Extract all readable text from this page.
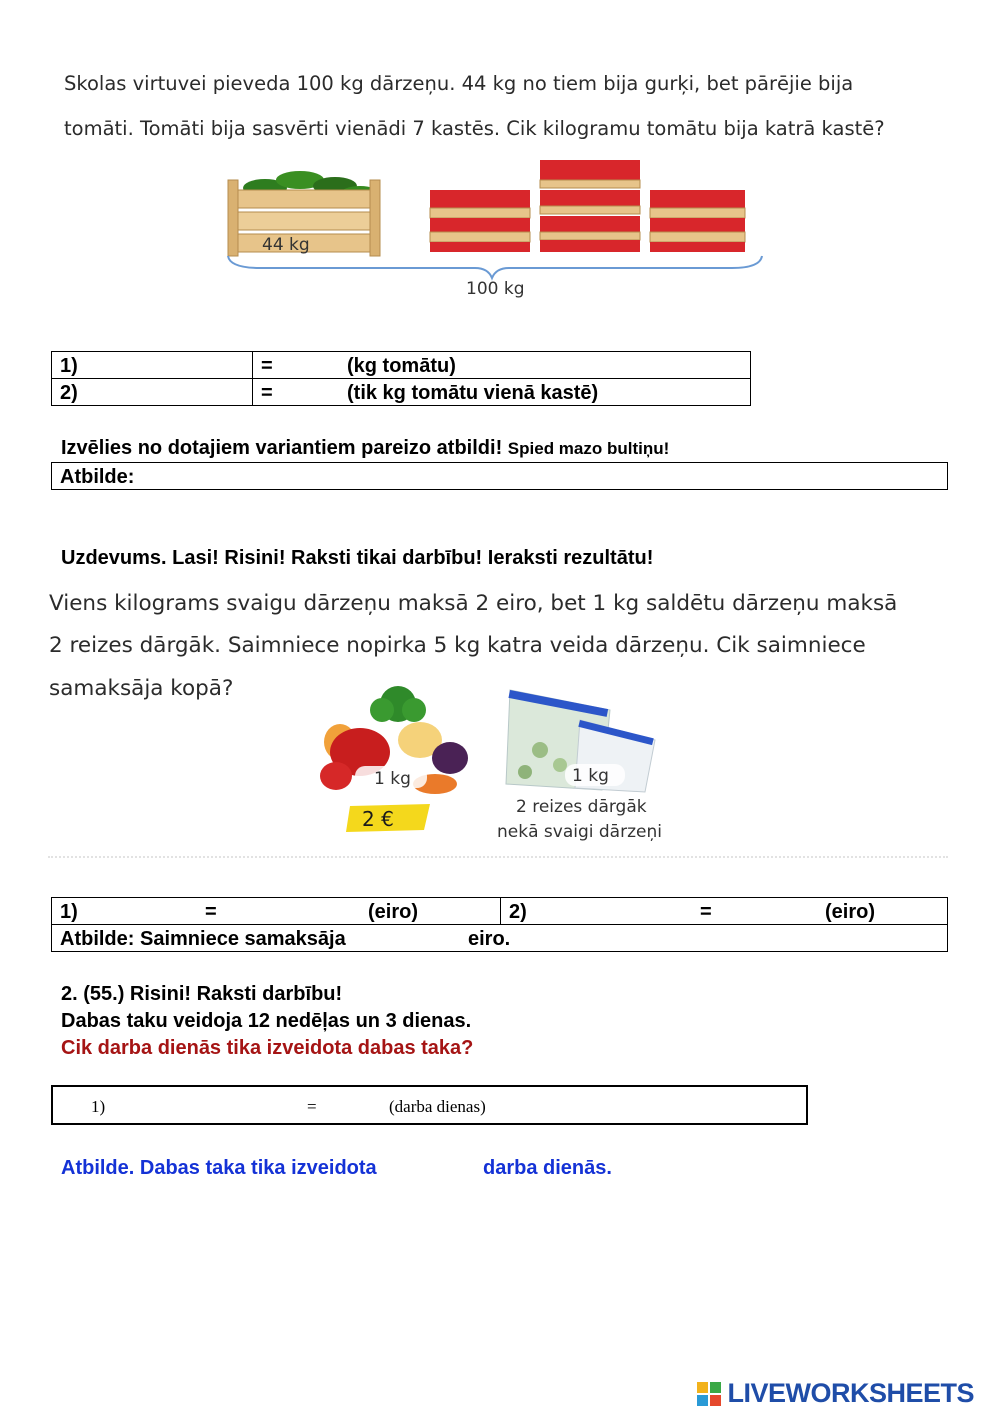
Skolas virtuvei pieveda 100 kg dārzeņu. 44 kg no tiem bija gurķi, bet pārējie bija
tomāti. Tomāti bija sasvērti vienādi 7 kastēs. Cik kilogramu tomātu bija katrā kastē?
44 kg
100 kg
1)	= (kg tomātu)

2)	= (tik kg tomātu vienā kastē)
Izvēlies no dotajiem variantiem pareizo atbildi! Spied mazo bultiņu!
Atbilde:
Uzdevums. Lasi! Risini! Raksti tikai darbību! Ieraksti rezultātu!
Viens kilograms svaigu dārzeņu maksā 2 eiro, bet 1 kg saldētu dārzeņu maksā
2 reizes dārgāk. Saimniece nopirka 5 kg katra veida dārzeņu. Cik saimniece
samaksāja kopā?
1 kg
2 €
1 kg
2 reizes dārgāk
nekā svaigi dārzeņi
1)	=	(eiro)	2)	=	(eiro)

Atbilde: Saimniece samaksāja	eiro.
2. (55.) Risini! Raksti darbību!
Dabas taku veidoja 12 nedēļas un 3 dienas.
Cik darba dienās tika izveidota dabas taka?
1)	=	(darba dienas)
Atbilde. Dabas taka tika izveidota	darba dienās.
LIVEWORKSHEETS
